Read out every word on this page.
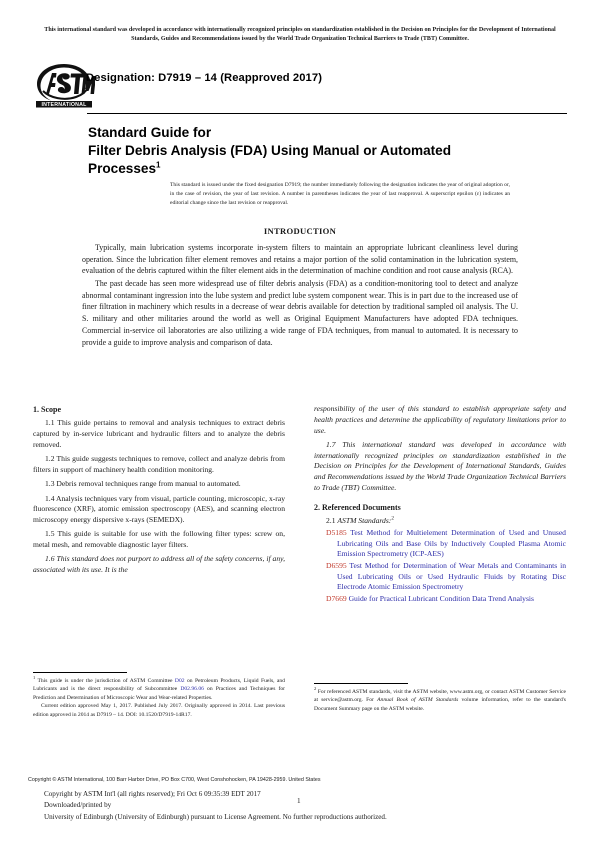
This international standard was developed in accordance with internationally recognized principles on standardization established in the Decision on Principles for the Development of International Standards, Guides and Recommendations issued by the World Trade Organization Technical Barriers to Trade (TBT) Committee.
INTERNATIONAL
Designation: D7919 – 14 (Reapproved 2017)
Standard Guide for
Filter Debris Analysis (FDA) Using Manual or Automated
Processes$^1$
This standard is issued under the fixed designation D7919; the number immediately following the designation indicates the year of original adoption or, in the case of revision, the year of last revision. A number in parentheses indicates the year of last reapproval. A superscript epsilon (ε) indicates an editorial change since the last revision or reapproval.
INTRODUCTION

Typically, main lubrication systems incorporate in-system filters to maintain an appropriate lubricant cleanliness level during operation. Since the lubrication filter element removes and retains a major portion of the solid contamination in the lubrication system, evaluation of the debris captured within the filter element aids in the determination of machine condition and root cause analysis (RCA).

The past decade has seen more widespread use of filter debris analysis (FDA) as a condition-monitoring tool to detect and analyze abnormal contaminant ingression into the lube system and predict lube system component wear. This is in part due to the increased use of finer filtration in machinery which results in a decrease of wear debris available for detection by traditional sampled oil analysis. The U. S. military and other militaries around the world as well as Original Equipment Manufacturers have adopted FDA techniques. Commercial in-service oil laboratories are also utilizing a wide range of FDA techniques, from manual to automated. It is necessary to provide a guide to improve analysis and comparison of data.

1. Scope

1.1 This guide pertains to removal and analysis techniques to extract debris captured by in-service lubricant and hydraulic filters and to analyze the debris removed.

1.2 This guide suggests techniques to remove, collect and analyze debris from filters in support of machinery health condition monitoring.

1.3 Debris removal techniques range from manual to automated.

1.4 Analysis techniques vary from visual, particle counting, microscopic, x-ray fluorescence (XRF), atomic emission spectroscopy (AES), and scanning electron microscopy energy dispersive x-rays (SEMEDX).

1.5 This guide is suitable for use with the following filter types: screw on, metal mesh, and removable diagnostic layer filters.

1.6 This standard does not purport to address all of the safety concerns, if any, associated with its use. It is the

responsibility of the user of this standard to establish appropriate safety and health practices and determine the applicability of regulatory limitations prior to use.

1.7 This international standard was developed in accordance with internationally recognized principles on standardization established in the Decision on Principles for the Development of International Standards, Guides and Recommendations issued by the World Trade Organization Technical Barriers to Trade (TBT) Committee.

2. Referenced Documents
2.1 ASTM Standards:$^2$

D5185 Test Method for Multielement Determination of Used and Unused Lubricating Oils and Base Oils by Inductively Coupled Plasma Atomic Emission Spectrometry (ICP-AES)

D6595 Test Method for Determination of Wear Metals and Contaminants in Used Lubricating Oils or Used Hydraulic Fluids by Rotating Disc Electrode Atomic Emission Spectrometry

D7669 Guide for Practical Lubricant Condition Data Trend Analysis

$^1$ This guide is under the jurisdiction of ASTM Committee D02 on Petroleum Products, Liquid Fuels, and Lubricants and is the direct responsibility of Subcommittee D02.96.06 on Practices and Techniques for Prediction and Determination of Microscopic Wear and Wear-related Properties.

Current edition approved May 1, 2017. Published July 2017. Originally approved in 2014. Last previous edition approved in 2014 as D7919 – 14. DOI: 10.1520/D7919-14R17.

$^2$ For referenced ASTM standards, visit the ASTM website, www.astm.org, or contact ASTM Customer Service at service@astm.org. For Annual Book of ASTM Standards volume information, refer to the standard's Document Summary page on the ASTM website.

Copyright © ASTM International, 100 Barr Harbor Drive, PO Box C700, West Conshohocken, PA 19428-2959. United States

Copyright by ASTM Int'l (all rights reserved); Fri Oct 6 09:35:39 EDT 2017

Downloaded/printed by

University of Edinburgh (University of Edinburgh) pursuant to License Agreement. No further reproductions authorized.

1
